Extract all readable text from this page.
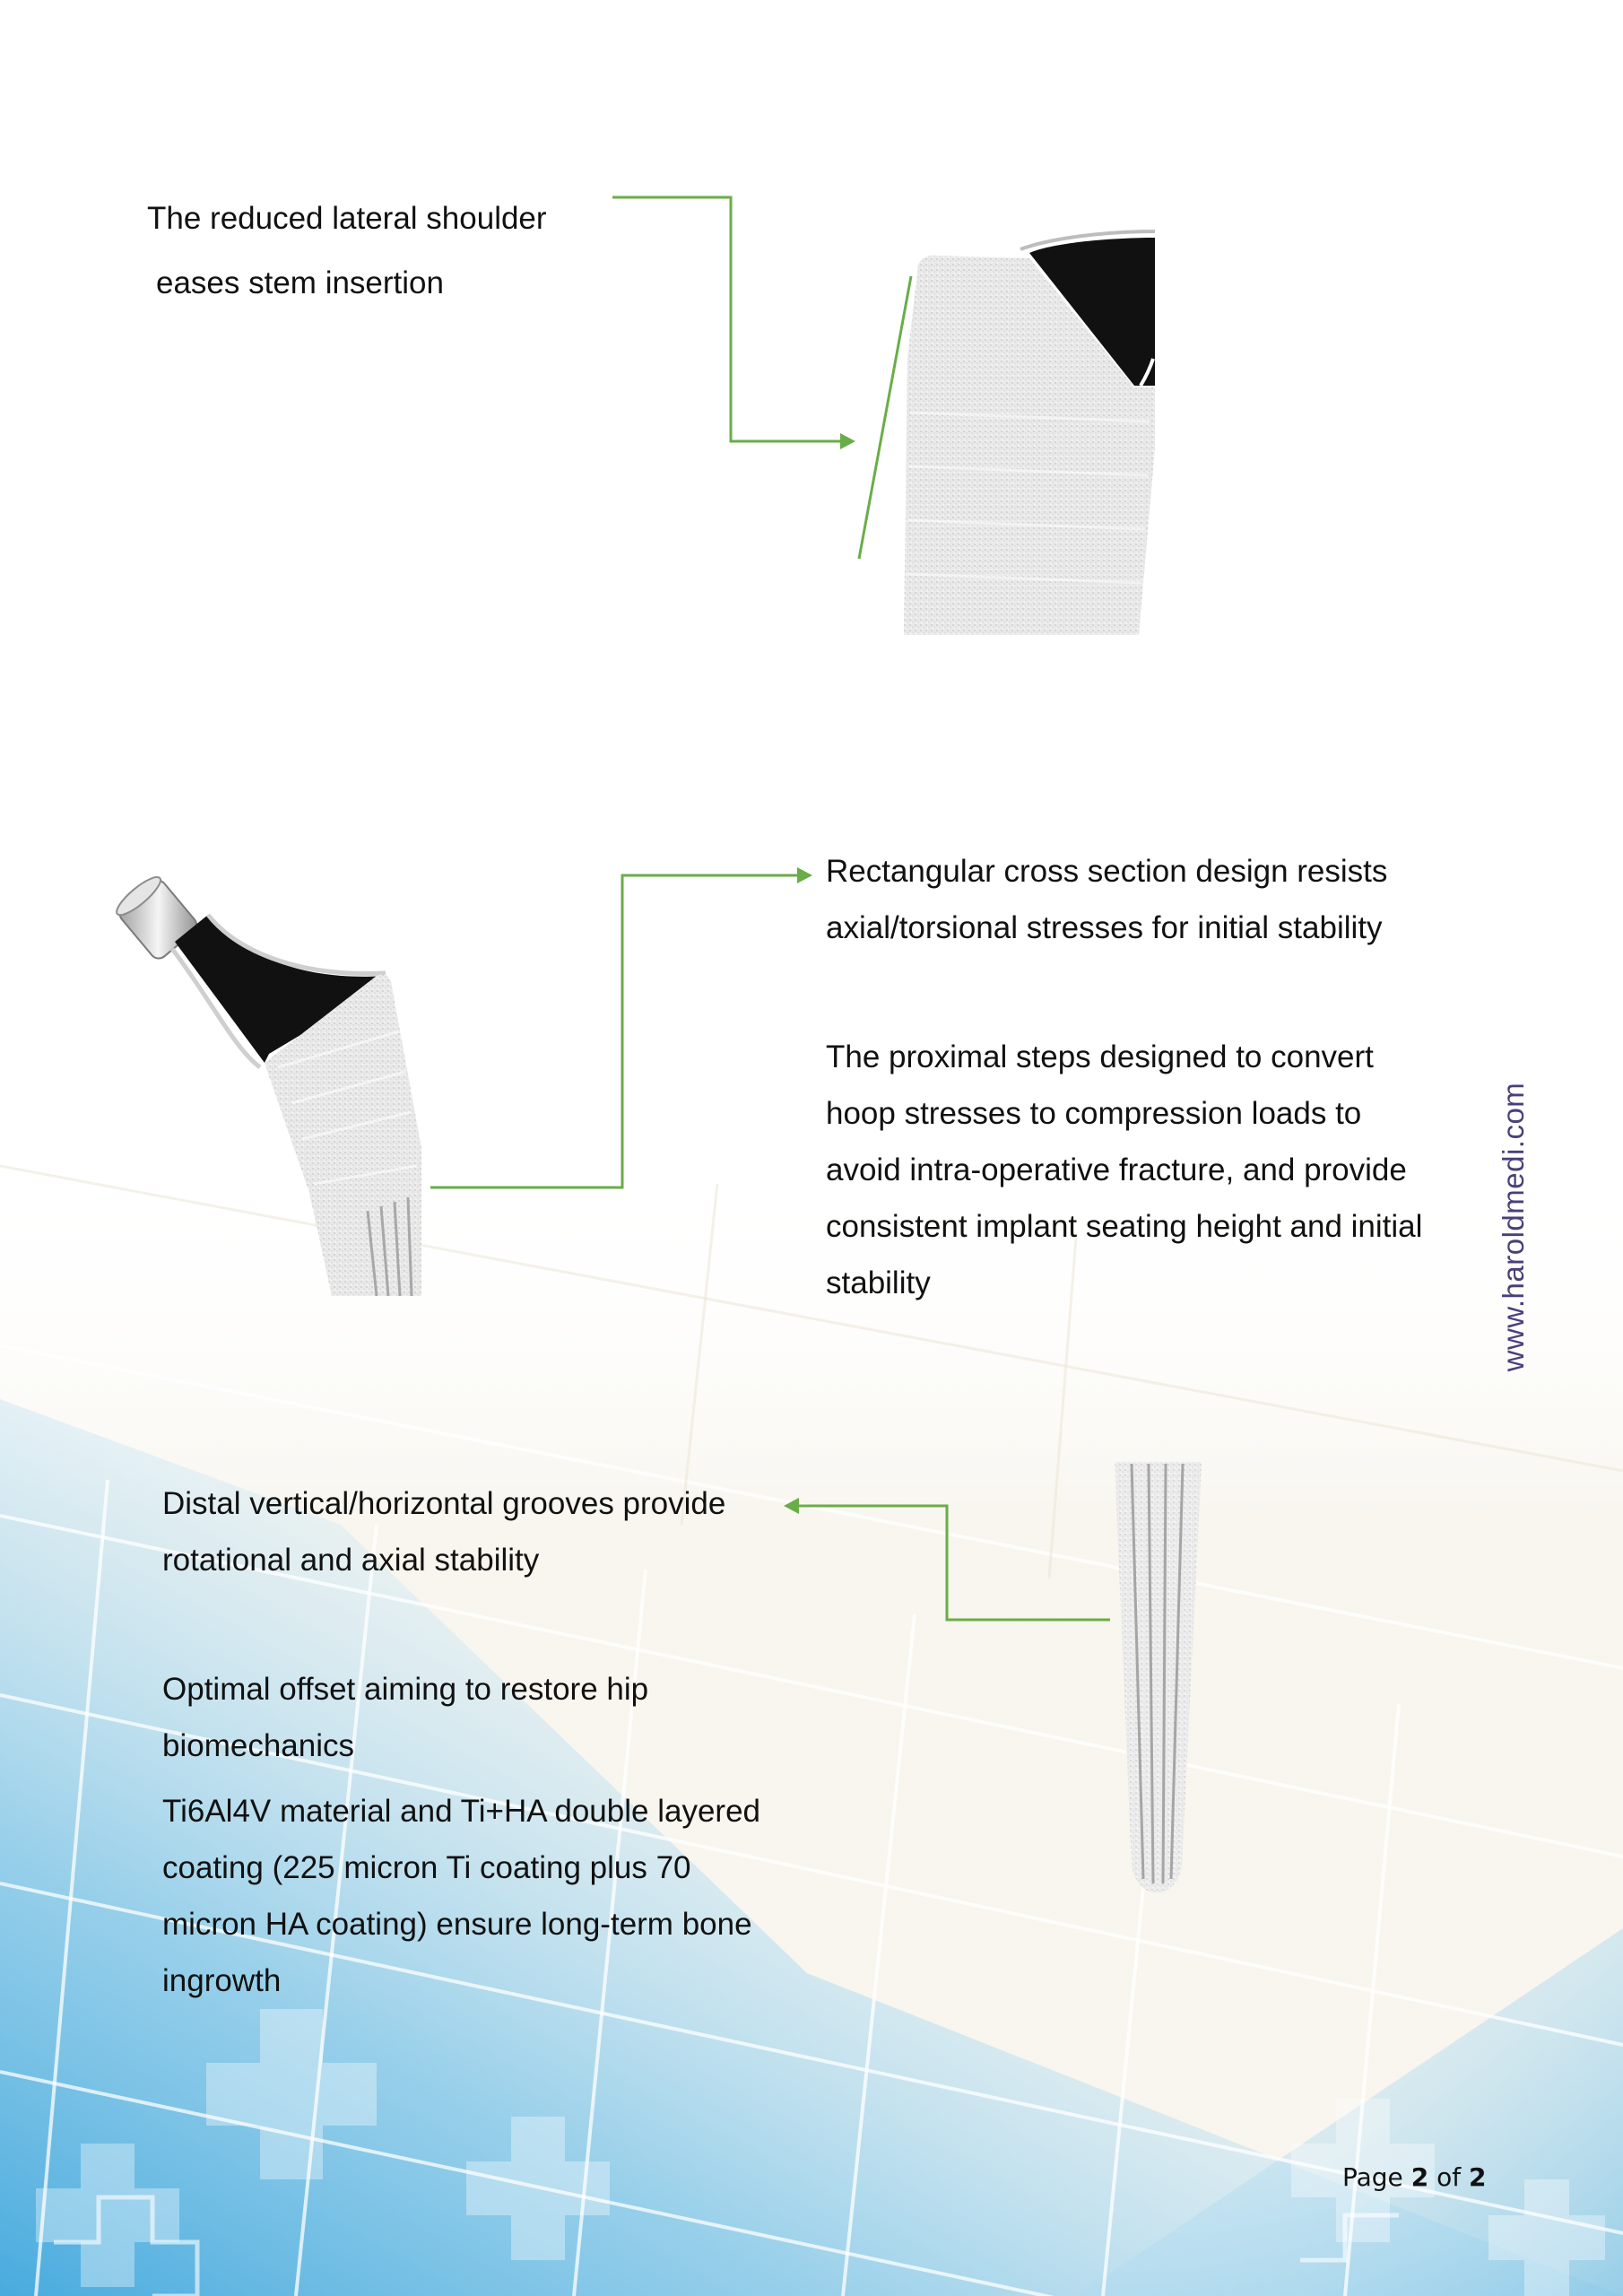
The reduced lateral shoulder
eases stem insertion

Rectangular cross section design resists
axial/torsional stresses for initial stability

The proximal steps designed to convert
hoop stresses to compression loads to
avoid intra-operative fracture, and provide
consistent implant seating height and initial
stability

Distal vertical/horizontal grooves provide
rotational and axial stability

Optimal offset aiming to restore hip
biomechanics

Ti6Al4V material and Ti+HA double layered
coating (225 micron Ti coating plus 70
micron HA coating) ensure long-term bone
ingrowth

www.haroldmedi.com
Page 2 of 2
